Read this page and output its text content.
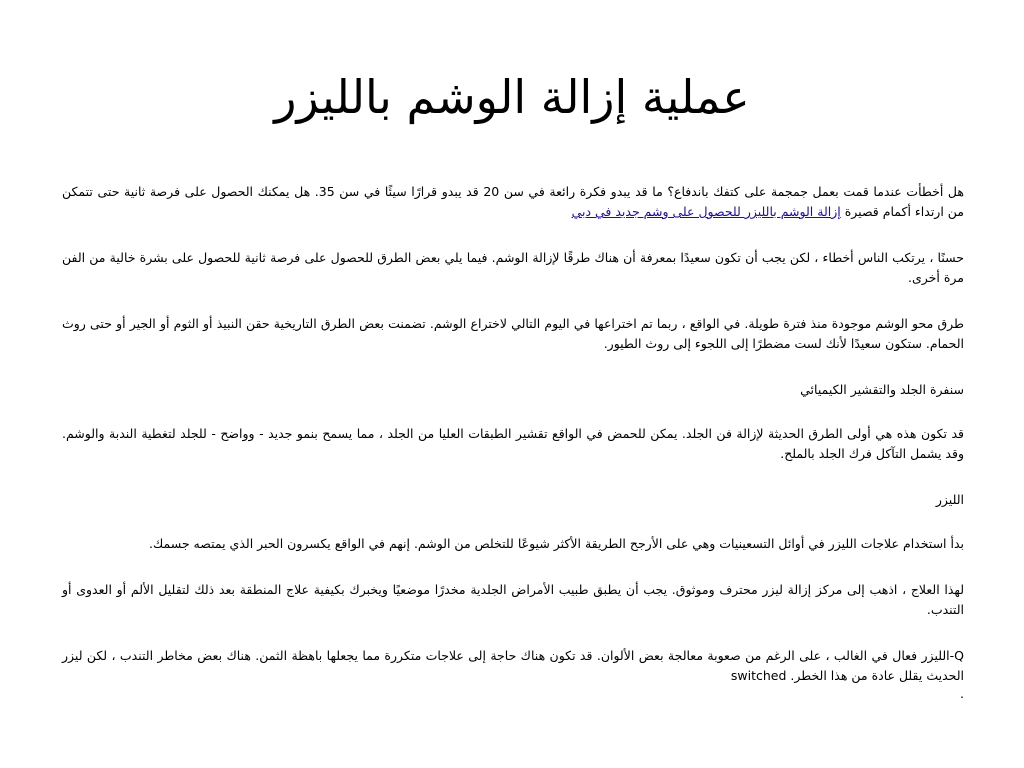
عملية إزالة الوشم بالليزر

هل أخطأت عندما قمت بعمل جمجمة على كتفك باندفاع؟ ما قد يبدو فكرة رائعة في سن 20 قد يبدو قرارًا سيئًا في سن 35. هل يمكنك الحصول على فرصة ثانية حتى تتمكن من ارتداء أكمام قصيرة إزالة الوشم بالليزر للحصول على وشم جديد في دبي

حسنًا ، يرتكب الناس أخطاء ، لكن يجب أن تكون سعيدًا بمعرفة أن هناك طرقًا لإزالة الوشم. فيما يلي بعض الطرق للحصول على فرصة ثانية للحصول على بشرة خالية من الفن مرة أخرى.

طرق محو الوشم موجودة منذ فترة طويلة. في الواقع ، ربما تم اختراعها في اليوم التالي لاختراع الوشم. تضمنت بعض الطرق التاريخية حقن النبيذ أو الثوم أو الجير أو حتى روث الحمام. ستكون سعيدًا لأنك لست مضطرًا إلى اللجوء إلى روث الطيور.

سنفرة الجلد والتقشير الكيميائي

قد تكون هذه هي أولى الطرق الحديثة لإزالة فن الجلد. يمكن للحمض في الواقع تقشير الطبقات العليا من الجلد ، مما يسمح بنمو جديد - وواضح - للجلد لتغطية الندبة والوشم. وقد يشمل التآكل فرك الجلد بالملح.

الليزر

بدأ استخدام علاجات الليزر في أوائل التسعينيات وهي على الأرجح الطريقة الأكثر شيوعًا للتخلص من الوشم. إنهم في الواقع يكسرون الحبر الذي يمتصه جسمك.

لهذا العلاج ، اذهب إلى مركز إزالة ليزر محترف وموثوق. يجب أن يطبق طبيب الأمراض الجلدية مخدرًا موضعيًا ويخبرك بكيفية علاج المنطقة بعد ذلك لتقليل الألم أو العدوى أو التندب.

Q-الليزر فعال في الغالب ، على الرغم من صعوبة معالجة بعض الألوان. قد تكون هناك حاجة إلى علاجات متكررة مما يجعلها باهظة الثمن. هناك بعض مخاطر التندب ، لكن ليزر الحديث يقلل عادة من هذا الخطر. switched

.
